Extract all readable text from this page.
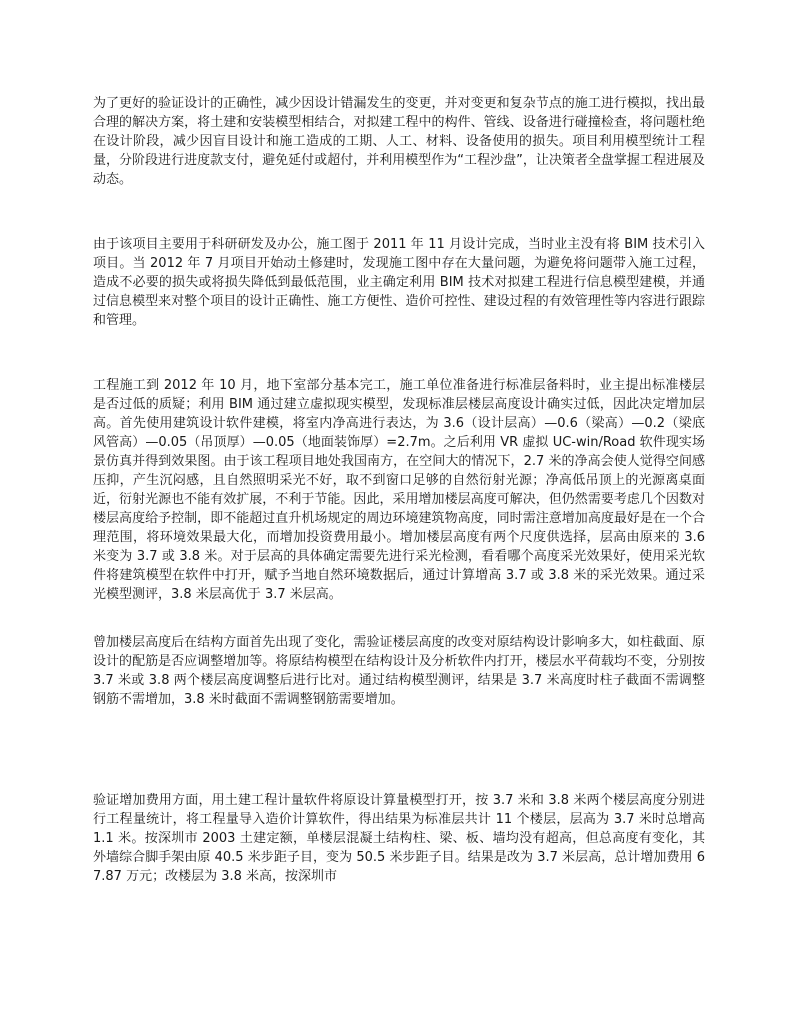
为了更好的验证设计的正确性，减少因设计错漏发生的变更，并对变更和复杂节点的施工进行模拟，找出最合理的解决方案，将土建和安装模型相结合，对拟建工程中的构件、管线、设备进行碰撞检查，将问题杜绝在设计阶段，减少因盲目设计和施工造成的工期、人工、材料、设备使用的损失。项目利用模型统计工程量，分阶段进行进度款支付，避免延付或超付，并利用模型作为“工程沙盘”，让决策者全盘掌握工程进展及动态。

由于该项目主要用于科研研发及办公，施工图于 2011 年 11 月设计完成，当时业主没有将 BIM 技术引入项目。当 2012 年 7 月项目开始动土修建时，发现施工图中存在大量问题，为避免将问题带入施工过程，造成不必要的损失或将损失降低到最低范围，业主确定利用 BIM 技术对拟建工程进行信息模型建模，并通过信息模型来对整个项目的设计正确性、施工方便性、造价可控性、建设过程的有效管理性等内容进行跟踪和管理。

工程施工到 2012 年 10 月，地下室部分基本完工，施工单位准备进行标准层备料时，业主提出标准楼层是否过低的质疑；利用 BIM 通过建立虚拟现实模型，发现标准层楼层高度设计确实过低，因此决定增加层高。首先使用建筑设计软件建模，将室内净高进行表达，为 3.6（设计层高）—0.6（梁高）—0.2（梁底风管高）—0.05（吊顶厚）—0.05（地面装饰厚）=2.7m。之后利用 VR 虚拟 UC-win/Road 软件现实场景仿真并得到效果图。由于该工程项目地处我国南方，在空间大的情况下，2.7 米的净高会使人觉得空间感压抑，产生沉闷感，且自然照明采光不好，取不到窗口足够的自然衍射光源；净高低吊顶上的光源离桌面近，衍射光源也不能有效扩展，不利于节能。因此，采用增加楼层高度可解决，但仍然需要考虑几个因数对楼层高度给予控制，即不能超过直升机场规定的周边环境建筑物高度，同时需注意增加高度最好是在一个合理范围，将环境效果最大化，而增加投资费用最小。增加楼层高度有两个尺度供选择，层高由原来的 3.6 米变为 3.7 或 3.8 米。对于层高的具体确定需要先进行采光检测，看看哪个高度采光效果好，使用采光软件将建筑模型在软件中打开，赋予当地自然环境数据后，通过计算增高 3.7 或 3.8 米的采光效果。通过采光模型测评，3.8 米层高优于 3.7 米层高。

曾加楼层高度后在结构方面首先出现了变化，需验证楼层高度的改变对原结构设计影响多大，如柱截面、原设计的配筋是否应调整增加等。将原结构模型在结构设计及分析软件内打开，楼层水平荷载均不变，分别按 3.7 米或 3.8 两个楼层高度调整后进行比对。通过结构模型测评，结果是 3.7 米高度时柱子截面不需调整钢筋不需增加，3.8 米时截面不需调整钢筋需要增加。

验证增加费用方面，用土建工程计量软件将原设计算量模型打开，按 3.7 米和 3.8 米两个楼层高度分别进行工程量统计，将工程量导入造价计算软件，得出结果为标准层共计 11 个楼层，层高为 3.7 米时总增高 1.1 米。按深圳市 2003 土建定额，单楼层混凝土结构柱、梁、板、墙均没有超高，但总高度有变化，其外墙综合脚手架由原 40.5 米步距子目，变为 50.5 米步距子目。结果是改为 3.7 米层高，总计增加费用 67.87 万元；改楼层为 3.8 米高，按深圳市
